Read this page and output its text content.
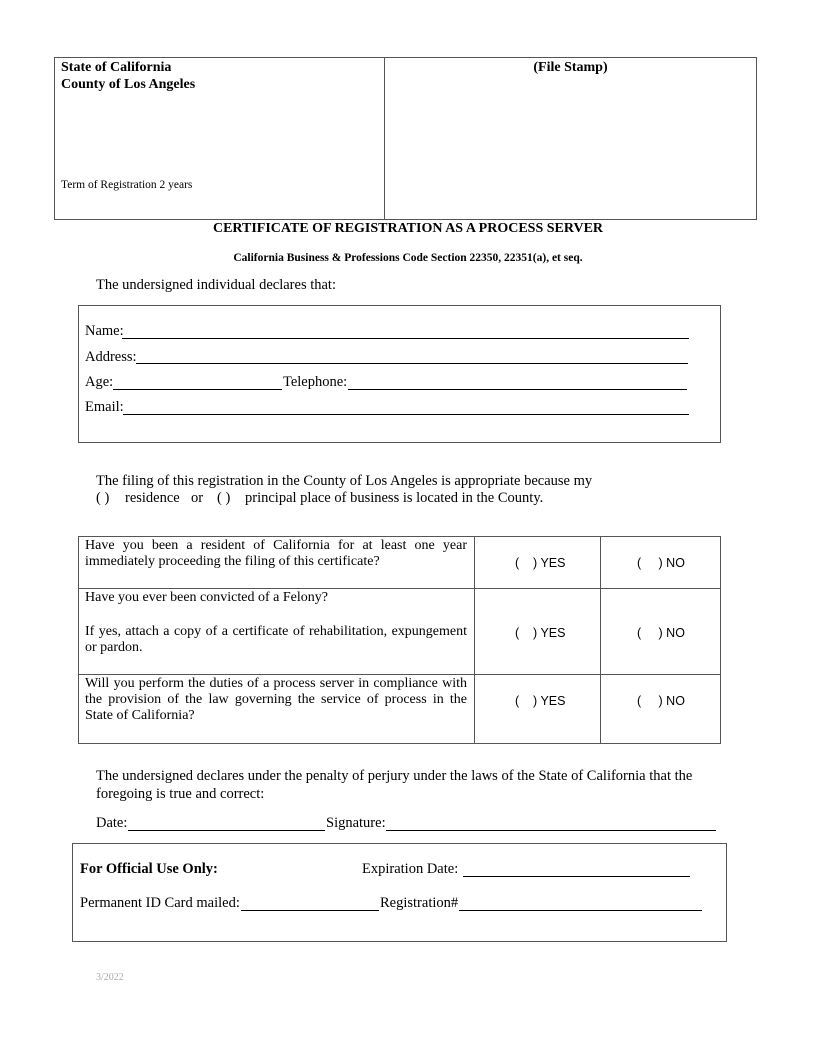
State of California
County of Los Angeles
Term of Registration 2 years
(File Stamp)
CERTIFICATE OF REGISTRATION AS A PROCESS SERVER
California Business & Professions Code Section 22350, 22351(a), et seq.
The undersigned individual declares that:
Name:
Address:
Age:	Telephone:
Email:
The filing of this registration in the County of Los Angeles is appropriate because my
( ) residence or ( ) principal place of business is located in the County.
Have you been a resident of California for at least one year immediately proceeding the filing of this certificate?	(    ) YES	(     ) NO
Have you ever been convicted of a Felony?
If yes, attach a copy of a certificate of rehabilitation, expungement or pardon.
(    ) YES	(     ) NO
Will you perform the duties of a process server in compliance with the provision of the law governing the service of process in the State of California?
(    ) YES	(     ) NO
The undersigned declares under the penalty of perjury under the laws of the State of California that the foregoing is true and correct:
Date:	Signature:
For Official Use Only:	Expiration Date:
Permanent ID Card mailed:	Registration#
3/2022
